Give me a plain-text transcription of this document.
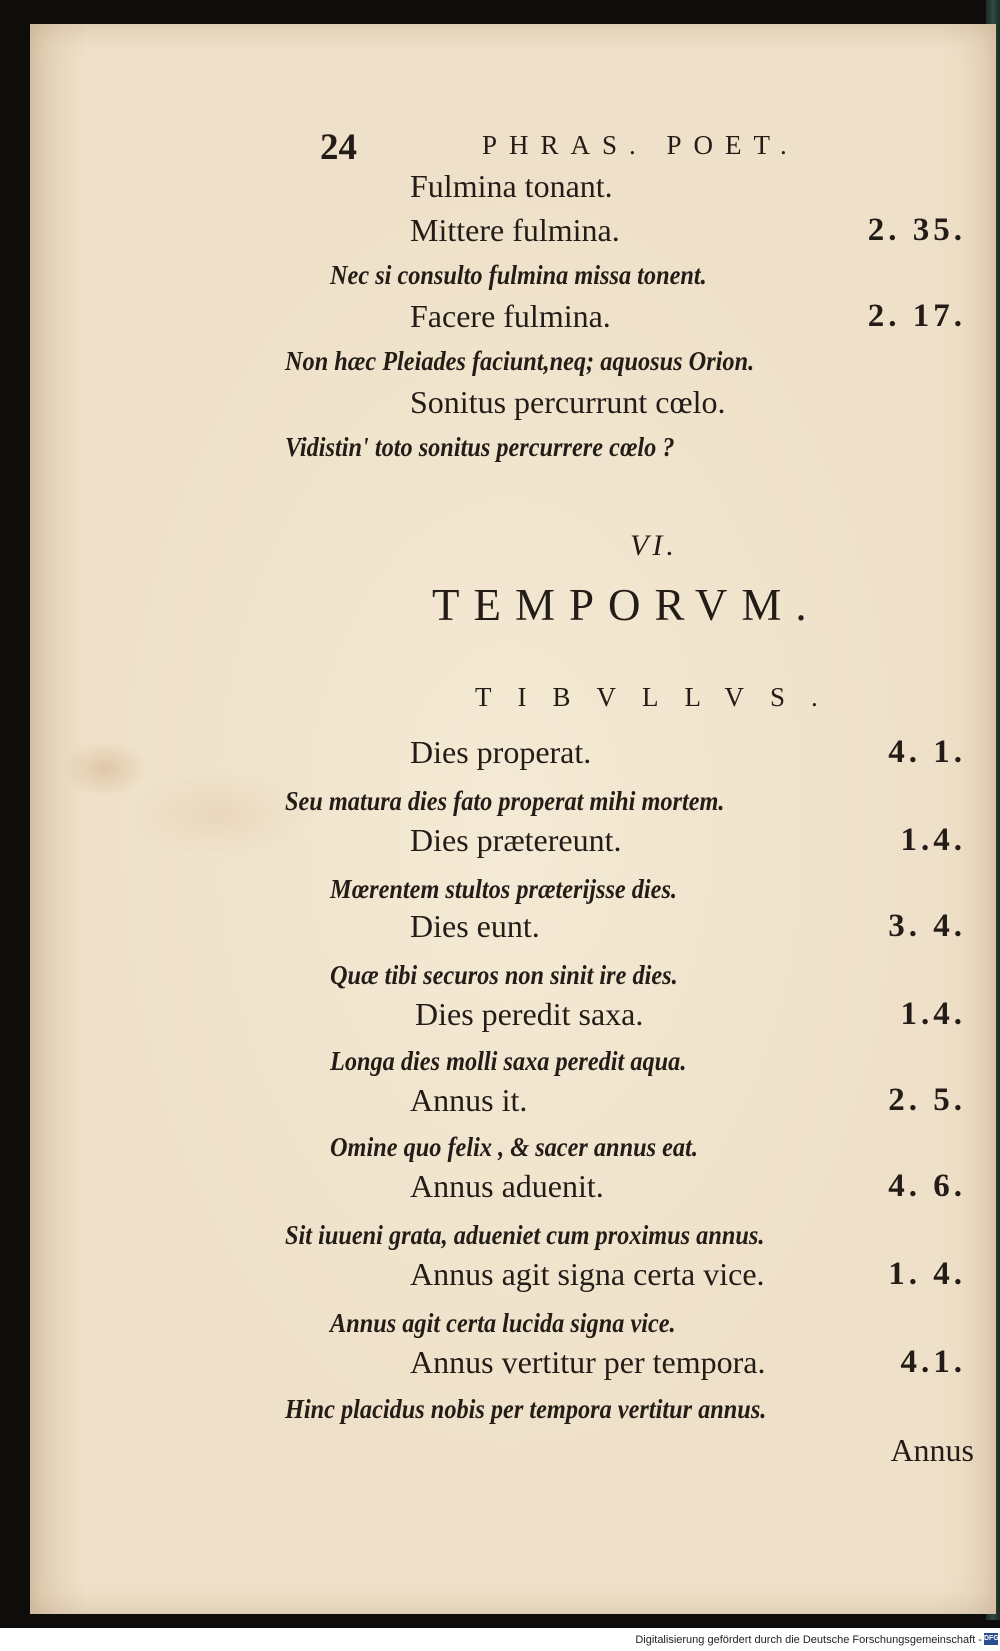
24	PHRAS. POET.
Fulmina tonant.
Mittere fulmina.	2. 35.
Nec si consulto fulmina missa tonent.
Facere fulmina.	2. 17.
Non hæc Pleiades faciunt,neq; aquosus Orion.
Sonitus percurrunt cœlo.
Vidistin' toto sonitus percurrere cœlo ?
VI.
TEMPORVM.
TIBVLLVS.
Dies properat.	4. 1.
Seu matura dies fato properat mihi mortem.
Dies prætereunt.	1.4.
Mœrentem stultos præterijsse dies.
Dies eunt.	3. 4.
Quæ tibi securos non sinit ire dies.
Dies peredit saxa.	1.4.
Longa dies molli saxa peredit aqua.
Annus it.	2. 5.
Omine quo felix , & sacer annus eat.
Annus aduenit.	4. 6.
Sit iuueni grata, adueniet cum proximus annus.
Annus agit signa certa vice.	1. 4.
Annus agit certa lucida signa vice.
Annus vertitur per tempora.	4.1.
Hinc placidus nobis per tempora vertitur annus.
Annus
Digitalisierung gefördert durch die Deutsche Forschungsgemeinschaft - DFG
